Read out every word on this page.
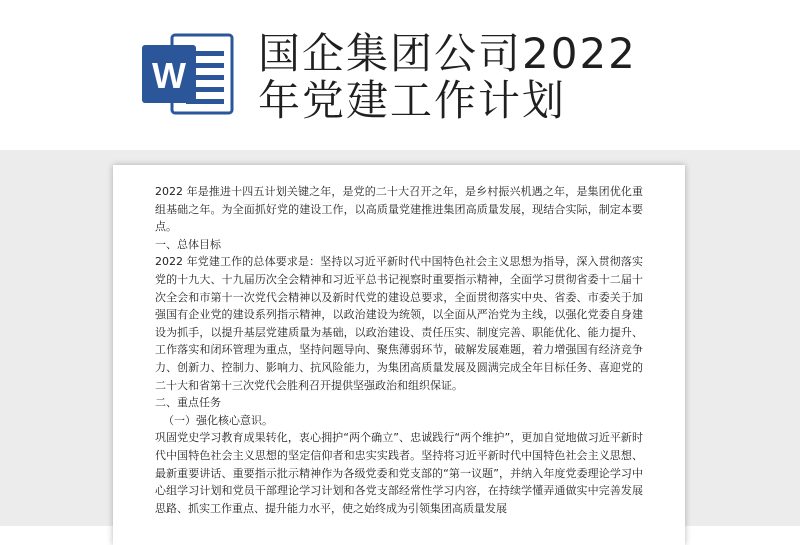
W 国企集团公司2022年党建工作计划

2022 年是推进十四五计划关键之年，是党的二十大召开之年，是乡村振兴机遇之年，是集团优化重组基础之年。为全面抓好党的建设工作，以高质量党建推进集团高质量发展，现结合实际，制定本要点。

一、总体目标

2022 年党建工作的总体要求是：坚持以习近平新时代中国特色社会主义思想为指导，深入贯彻落实党的十九大、十九届历次全会精神和习近平总书记视察时重要指示精神，全面学习贯彻省委十二届十次全会和市第十一次党代会精神以及新时代党的建设总要求，全面贯彻落实中央、省委、市委关于加强国有企业党的建设系列指示精神，以政治建设为统领，以全面从严治党为主线，以强化党委自身建设为抓手，以提升基层党建质量为基础，以政治建设、责任压实、制度完善、职能优化、能力提升、工作落实和闭环管理为重点，坚持问题导向、聚焦薄弱环节，破解发展难题，着力增强国有经济竞争力、创新力、控制力、影响力、抗风险能力，为集团高质量发展及圆满完成全年目标任务、喜迎党的二十大和省第十三次党代会胜利召开提供坚强政治和组织保证。

二、重点任务

（一）强化核心意识。

巩固党史学习教育成果转化，衷心拥护“两个确立”、忠诚践行“两个维护”，更加自觉地做习近平新时代中国特色社会主义思想的坚定信仰者和忠实实践者。坚持将习近平新时代中国特色社会主义思想、最新重要讲话、重要指示批示精神作为各级党委和党支部的“第一议题”，并纳入年度党委理论学习中心组学习计划和党员干部理论学习计划和各党支部经常性学习内容，在持续学懂弄通做实中完善发展思路、抓实工作重点、提升能力水平，使之始终成为引领集团高质量发展
